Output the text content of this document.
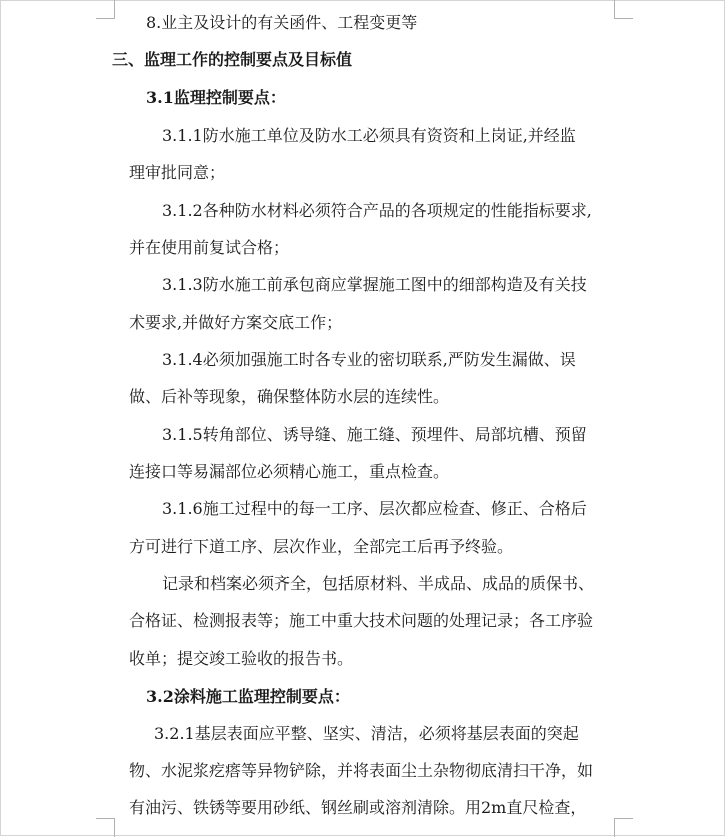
8.业主及设计的有关函件、工程变更等
三、监理工作的控制要点及目标值
3.1监理控制要点：
3.1.1防水施工单位及防水工必须具有资资和上岗证,并经监
理审批同意；
3.1.2各种防水材料必须符合产品的各项规定的性能指标要求,
并在使用前复试合格；
3.1.3防水施工前承包商应掌握施工图中的细部构造及有关技
术要求,并做好方案交底工作；
3.1.4必须加强施工时各专业的密切联系,严防发生漏做、误
做、后补等现象，确保整体防水层的连续性。
3.1.5转角部位、诱导缝、施工缝、预埋件、局部坑槽、预留
连接口等易漏部位必须精心施工，重点检查。
3.1.6施工过程中的每一工序、层次都应检查、修正、合格后
方可进行下道工序、层次作业，全部完工后再予终验。
记录和档案必须齐全，包括原材料、半成品、成品的质保书、
合格证、检测报表等；施工中重大技术问题的处理记录；各工序验
收单；提交竣工验收的报告书。
3.2涂料施工监理控制要点：
3.2.1基层表面应平整、坚实、清洁，必须将基层表面的突起
物、水泥浆疙瘩等异物铲除，并将表面尘土杂物彻底清扫干净，如
有油污、铁锈等要用砂纸、钢丝刷或溶剂清除。用2m直尺检查，
